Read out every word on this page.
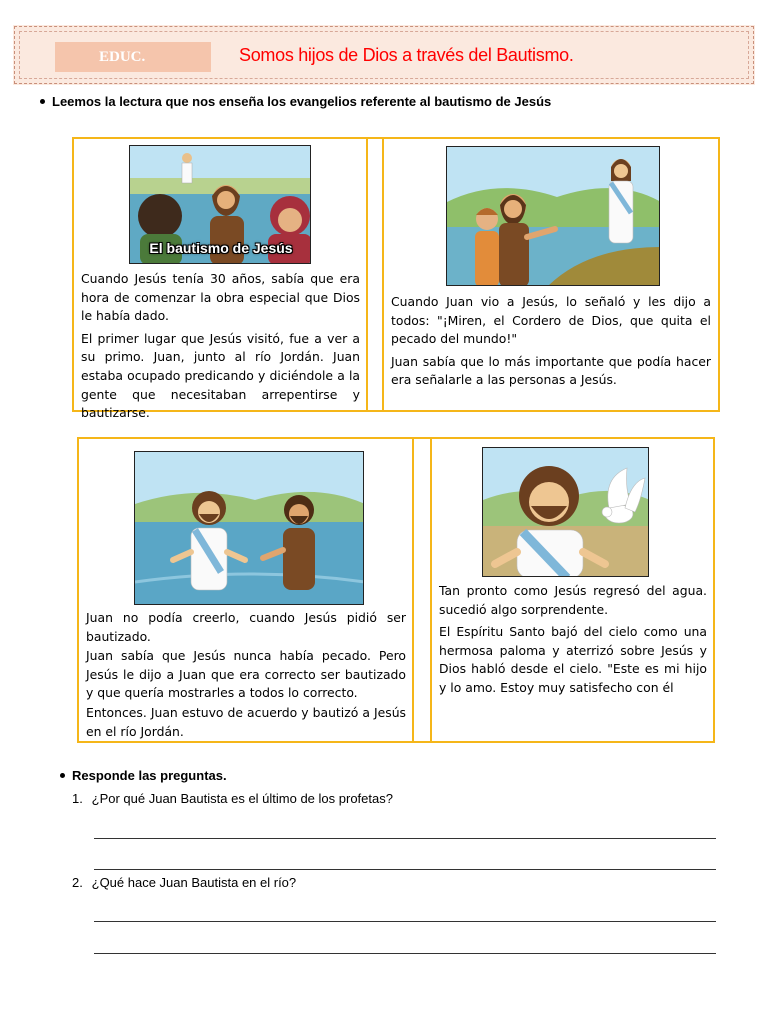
EDUC.	Somos hijos de Dios a través del Bautismo.
Leemos la lectura que nos enseña los evangelios referente al bautismo de Jesús
El bautismo de Jesús

Cuando Jesús tenía 30 años, sabía que era hora de comenzar la obra especial que Dios le había dado.

El primer lugar que Jesús visitó, fue a ver a su primo. Juan, junto al río Jordán. Juan estaba ocupado predicando y diciéndole a la gente que necesitaban arrepentirse y bautizarse.

Cuando Juan vio a Jesús, lo señaló y les dijo a todos: "¡Miren, el Cordero de Dios, que quita el pecado del mundo!"

Juan sabía que lo más importante que podía hacer era señalarle a las personas a Jesús.

Juan no podía creerlo, cuando Jesús pidió ser bautizado.

Juan sabía que Jesús nunca había pecado. Pero Jesús le dijo a Juan que era correcto ser bautizado y que quería mostrarles a todos lo correcto.

Entonces. Juan estuvo de acuerdo y bautizó a Jesús en el río Jordán.

Tan pronto como Jesús regresó del agua. sucedió algo sorprendente.

El Espíritu Santo bajó del cielo como una hermosa paloma y aterrizó sobre Jesús y Dios habló desde el cielo. "Este es mi hijo y lo amo. Estoy muy satisfecho con él

Responde las preguntas.
1. ¿Por qué Juan Bautista es el último de los profetas?
2. ¿Qué hace Juan Bautista en el río?
